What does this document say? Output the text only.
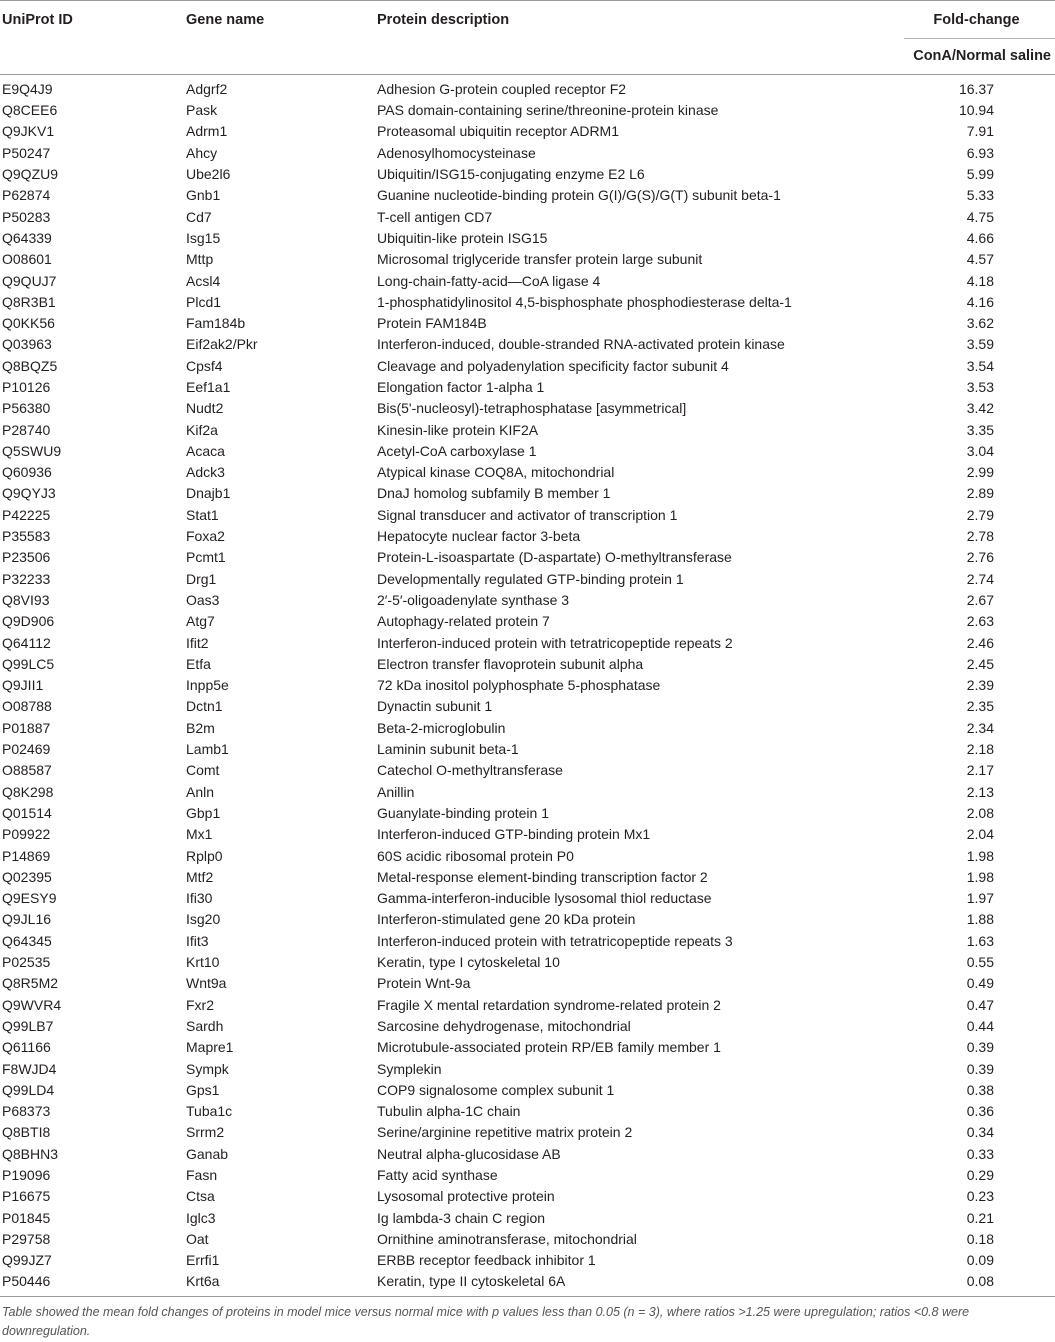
UniProt ID	Gene name	Protein description	Fold-change
			ConA/Normal saline
E9Q4J9	Adgrf2	Adhesion G-protein coupled receptor F2	16.37
Q8CEE6	Pask	PAS domain-containing serine/threonine-protein kinase	10.94
Q9JKV1	Adrm1	Proteasomal ubiquitin receptor ADRM1	7.91
P50247	Ahcy	Adenosylhomocysteinase	6.93
Q9QZU9	Ube2l6	Ubiquitin/ISG15-conjugating enzyme E2 L6	5.99
P62874	Gnb1	Guanine nucleotide-binding protein G(I)/G(S)/G(T) subunit beta-1	5.33
P50283	Cd7	T-cell antigen CD7	4.75
Q64339	Isg15	Ubiquitin-like protein ISG15	4.66
O08601	Mttp	Microsomal triglyceride transfer protein large subunit	4.57
Q9QUJ7	Acsl4	Long-chain-fatty-acid—CoA ligase 4	4.18
Q8R3B1	Plcd1	1-phosphatidylinositol 4,5-bisphosphate phosphodiesterase delta-1	4.16
Q0KK56	Fam184b	Protein FAM184B	3.62
Q03963	Eif2ak2/Pkr	Interferon-induced, double-stranded RNA-activated protein kinase	3.59
Q8BQZ5	Cpsf4	Cleavage and polyadenylation specificity factor subunit 4	3.54
P10126	Eef1a1	Elongation factor 1-alpha 1	3.53
P56380	Nudt2	Bis(5'-nucleosyl)-tetraphosphatase [asymmetrical]	3.42
P28740	Kif2a	Kinesin-like protein KIF2A	3.35
Q5SWU9	Acaca	Acetyl-CoA carboxylase 1	3.04
Q60936	Adck3	Atypical kinase COQ8A, mitochondrial	2.99
Q9QYJ3	Dnajb1	DnaJ homolog subfamily B member 1	2.89
P42225	Stat1	Signal transducer and activator of transcription 1	2.79
P35583	Foxa2	Hepatocyte nuclear factor 3-beta	2.78
P23506	Pcmt1	Protein-L-isoaspartate (D-aspartate) O-methyltransferase	2.76
P32233	Drg1	Developmentally regulated GTP-binding protein 1	2.74
Q8VI93	Oas3	2′-5′-oligoadenylate synthase 3	2.67
Q9D906	Atg7	Autophagy-related protein 7	2.63
Q64112	Ifit2	Interferon-induced protein with tetratricopeptide repeats 2	2.46
Q99LC5	Etfa	Electron transfer flavoprotein subunit alpha	2.45
Q9JII1	Inpp5e	72 kDa inositol polyphosphate 5-phosphatase	2.39
O08788	Dctn1	Dynactin subunit 1	2.35
P01887	B2m	Beta-2-microglobulin	2.34
P02469	Lamb1	Laminin subunit beta-1	2.18
O88587	Comt	Catechol O-methyltransferase	2.17
Q8K298	Anln	Anillin	2.13
Q01514	Gbp1	Guanylate-binding protein 1	2.08
P09922	Mx1	Interferon-induced GTP-binding protein Mx1	2.04
P14869	Rplp0	60S acidic ribosomal protein P0	1.98
Q02395	Mtf2	Metal-response element-binding transcription factor 2	1.98
Q9ESY9	Ifi30	Gamma-interferon-inducible lysosomal thiol reductase	1.97
Q9JL16	Isg20	Interferon-stimulated gene 20 kDa protein	1.88
Q64345	Ifit3	Interferon-induced protein with tetratricopeptide repeats 3	1.63
P02535	Krt10	Keratin, type I cytoskeletal 10	0.55
Q8R5M2	Wnt9a	Protein Wnt-9a	0.49
Q9WVR4	Fxr2	Fragile X mental retardation syndrome-related protein 2	0.47
Q99LB7	Sardh	Sarcosine dehydrogenase, mitochondrial	0.44
Q61166	Mapre1	Microtubule-associated protein RP/EB family member 1	0.39
F8WJD4	Sympk	Symplekin	0.39
Q99LD4	Gps1	COP9 signalosome complex subunit 1	0.38
P68373	Tuba1c	Tubulin alpha-1C chain	0.36
Q8BTI8	Srrm2	Serine/arginine repetitive matrix protein 2	0.34
Q8BHN3	Ganab	Neutral alpha-glucosidase AB	0.33
P19096	Fasn	Fatty acid synthase	0.29
P16675	Ctsa	Lysosomal protective protein	0.23
P01845	Iglc3	Ig lambda-3 chain C region	0.21
P29758	Oat	Ornithine aminotransferase, mitochondrial	0.18
Q99JZ7	Errfi1	ERBB receptor feedback inhibitor 1	0.09
P50446	Krt6a	Keratin, type II cytoskeletal 6A	0.08
Table showed the mean fold changes of proteins in model mice versus normal mice with p values less than 0.05 (n = 3), where ratios >1.25 were upregulation; ratios <0.8 were downregulation.
